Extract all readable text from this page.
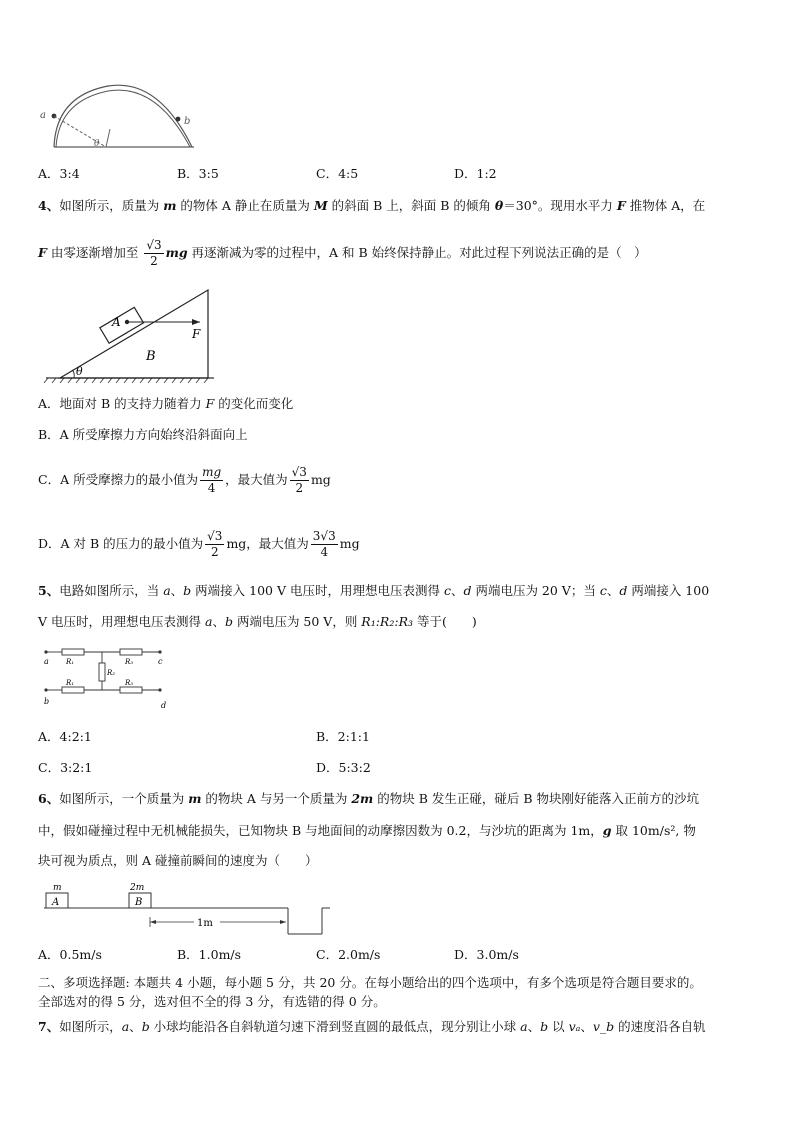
a
b
θ
A．3:4	B．3:5	C．4:5	D．1:2
4、如图所示，质量为 m 的物体 A 静止在质量为 M 的斜面 B 上，斜面 B 的倾角 θ＝30°。现用水平力 F 推物体 A，在
F 由零逐渐增加至 $\frac{√3}{2}$ mg 再逐渐减为零的过程中，A 和 B 始终保持静止。对此过程下列说法正确的是（　）
A
F
B
θ
A．地面对 B 的支持力随着力 F 的变化而变化
B．A 所受摩擦力方向始终沿斜面向上
C．A 所受摩擦力的最小值为 $\frac{mg}{4}$ ，最大值为 $\frac{√3}{2}$ mg
D．A 对 B 的压力的最小值为 $\frac{√3}{2}$ mg，最大值为 $\frac{3√3}{4}$ mg
5、电路如图所示，当 a、b 两端接入 100 V 电压时，用理想电压表测得 c、d 两端电压为 20 V；当 c、d 两端接入 100
V 电压时，用理想电压表测得 a、b 两端电压为 50 V，则 R₁:R₂:R₃ 等于(　　)
a
b
c
d
R₁	R₃
R₁	R₃
R₂
A．4:2:1	B．2:1:1
C．3:2:1	D．5:3:2
6、如图所示，一个质量为 m 的物块 A 与另一个质量为 2m 的物块 B 发生正碰，碰后 B 物块刚好能落入正前方的沙坑
中，假如碰撞过程中无机械能损失，已知物块 B 与地面间的动摩擦因数为 0.2，与沙坑的距离为 1m，g 取 10m/s², 物
块可视为质点，则 A 碰撞前瞬间的速度为（　　）
m
A
2m
B
1m
A．0.5m/s	B．1.0m/s	C．2.0m/s	D．3.0m/s
二、多项选择题: 本题共 4 小题，每小题 5 分，共 20 分。在每小题给出的四个选项中，有多个选项是符合题目要求的。
全部选对的得 5 分，选对但不全的得 3 分，有选错的得 0 分。
7、如图所示，a、b 小球均能沿各自斜轨道匀速下滑到竖直圆的最低点，现分别让小球 a、b 以 vₐ、v_b 的速度沿各自轨
